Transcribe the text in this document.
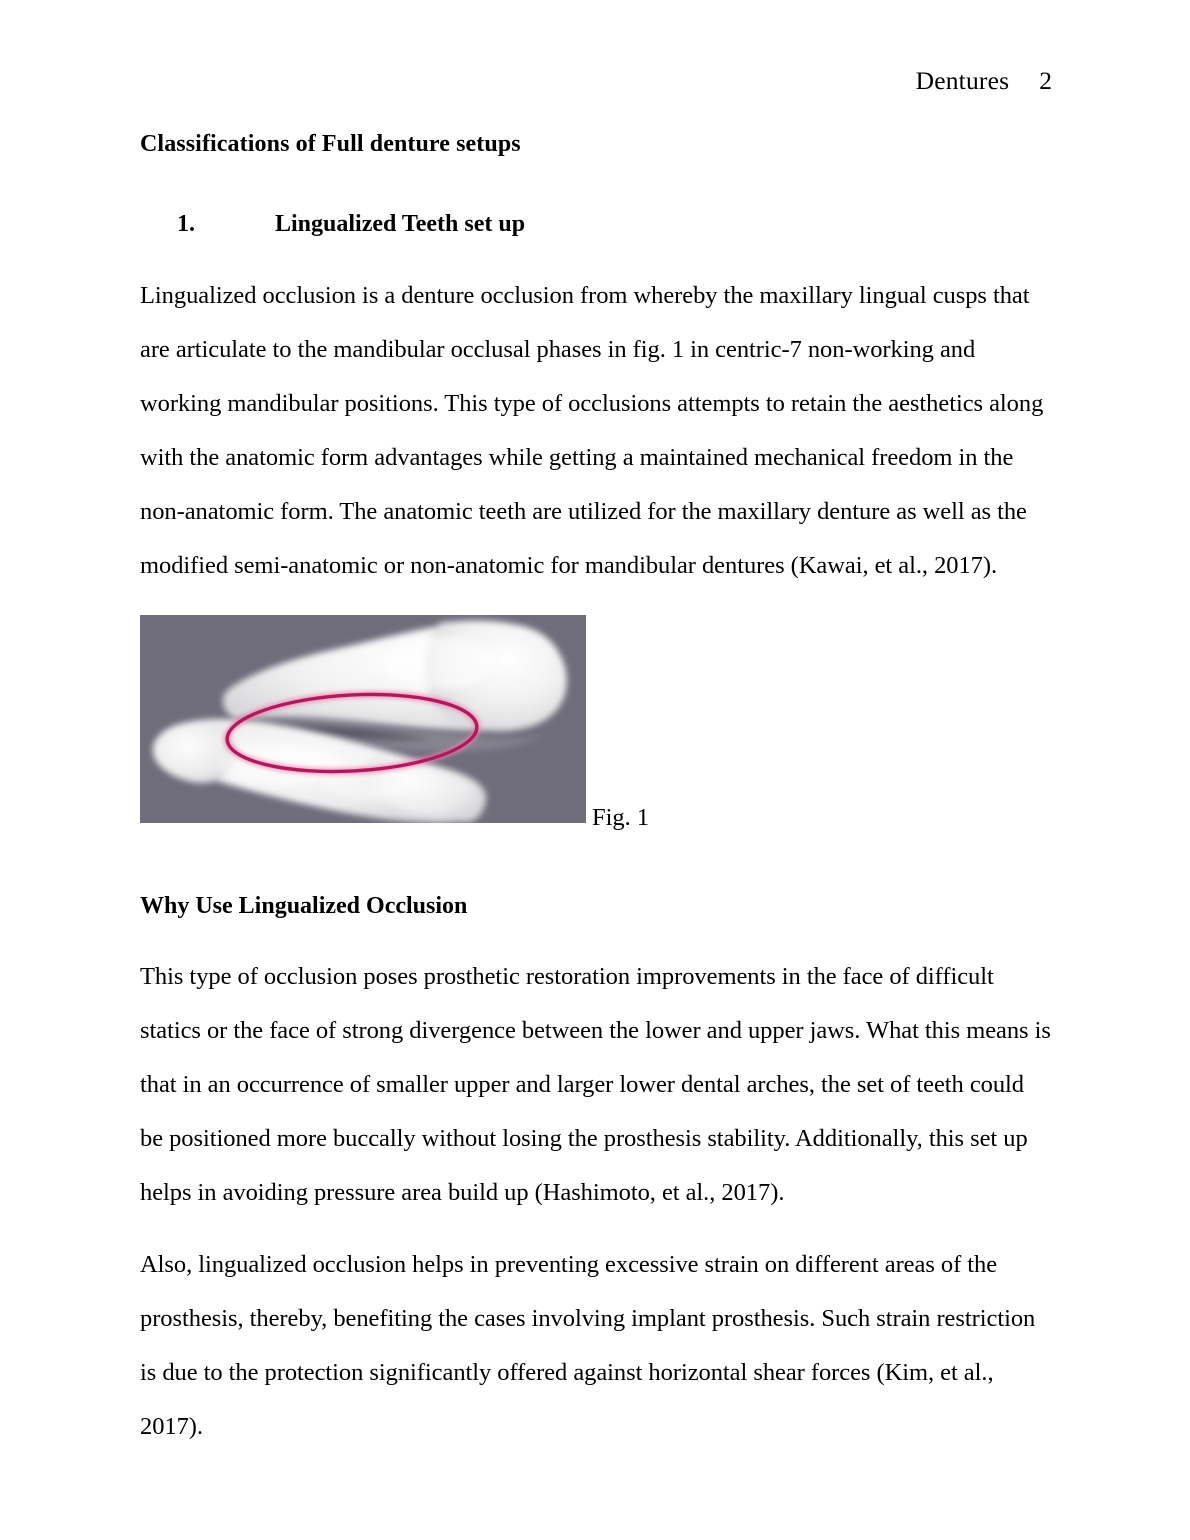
Dentures 2
Classifications of Full denture setups
1.	Lingualized Teeth set up

Lingualized occlusion is a denture occlusion from whereby the maxillary lingual cusps that are articulate to the mandibular occlusal phases in fig. 1 in centric-7 non-working and working mandibular positions. This type of occlusions attempts to retain the aesthetics along with the anatomic form advantages while getting a maintained mechanical freedom in the non-anatomic form. The anatomic teeth are utilized for the maxillary denture as well as the modified semi-anatomic or non-anatomic for mandibular dentures (Kawai, et al., 2017).

Why Use Lingualized Occlusion

This type of occlusion poses prosthetic restoration improvements in the face of difficult statics or the face of strong divergence between the lower and upper jaws. What this means is that in an occurrence of smaller upper and larger lower dental arches, the set of teeth could be positioned more buccally without losing the prosthesis stability. Additionally, this set up helps in avoiding pressure area build up (Hashimoto, et al., 2017).

Also, lingualized occlusion helps in preventing excessive strain on different areas of the prosthesis, thereby, benefiting the cases involving implant prosthesis. Such strain restriction is due to the protection significantly offered against horizontal shear forces (Kim, et al., 2017).

Fig. 1
